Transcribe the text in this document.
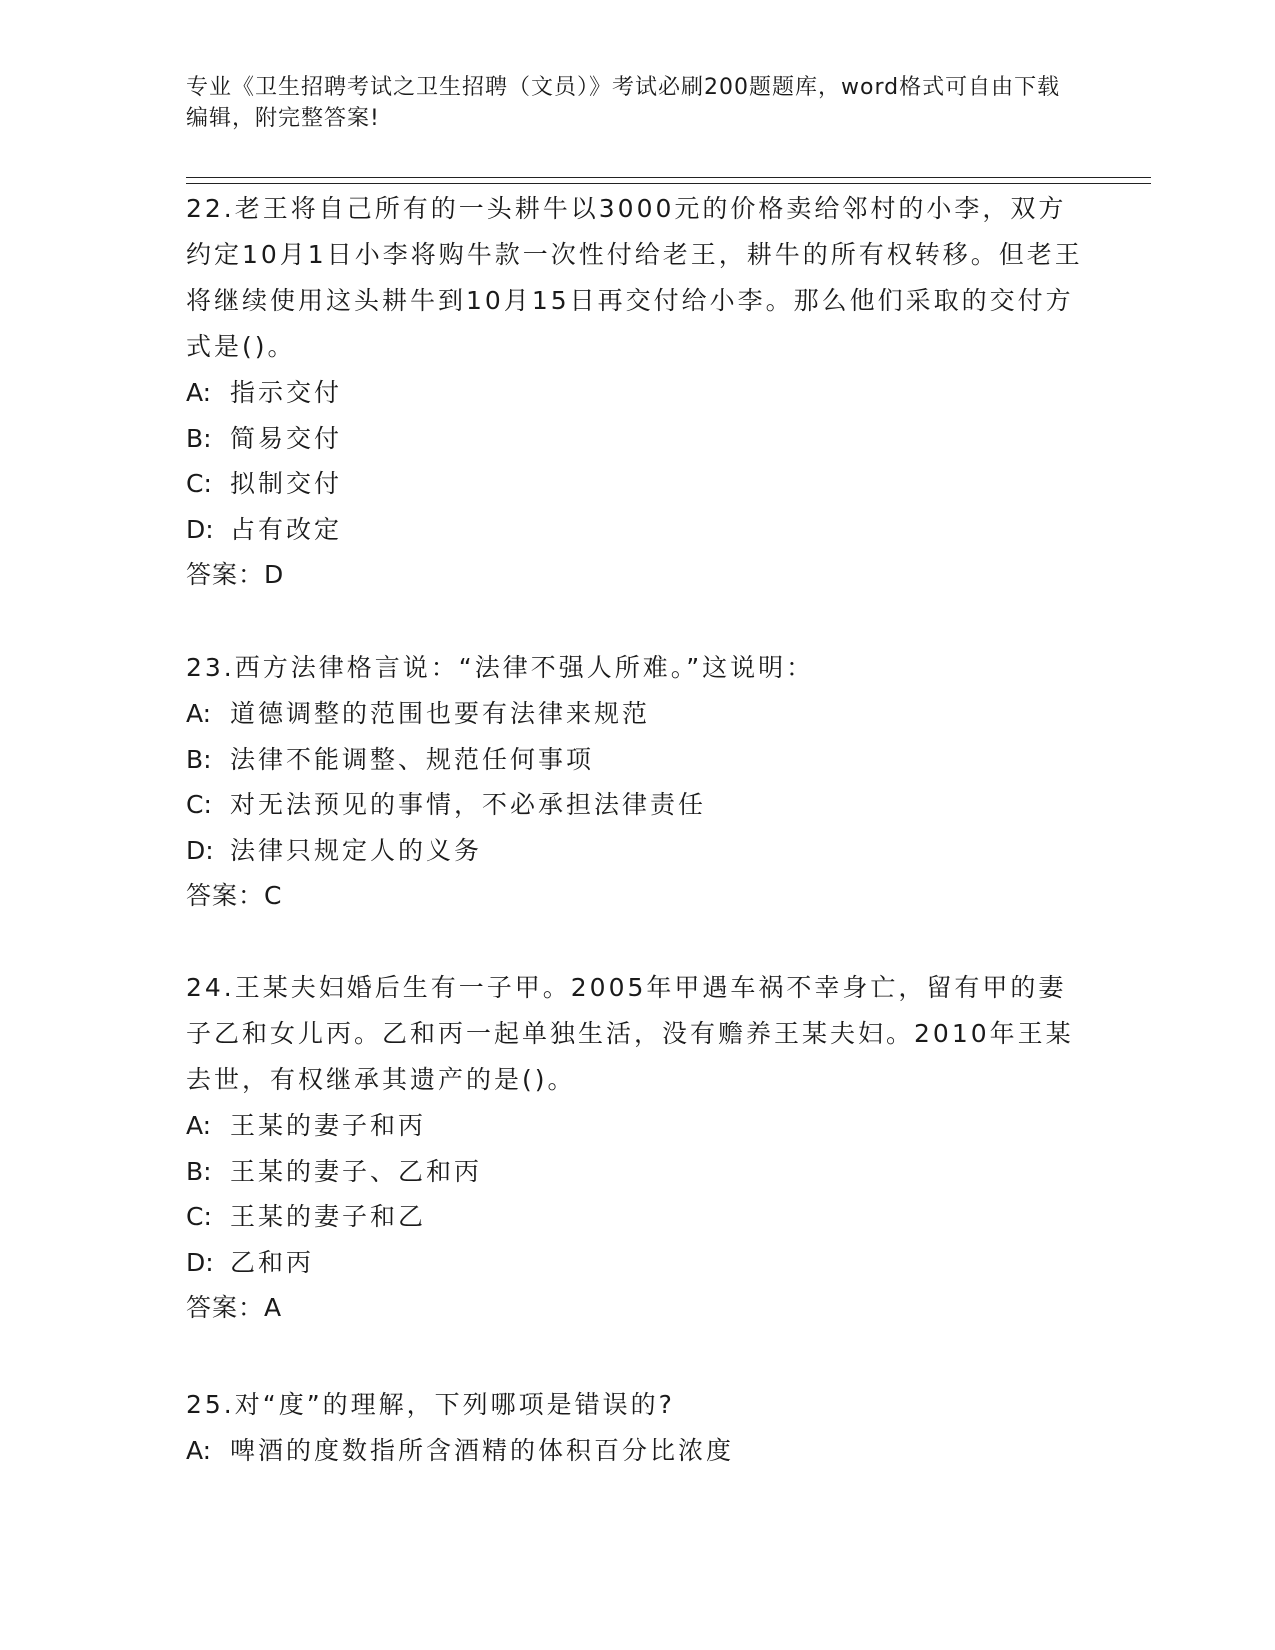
专业《卫生招聘考试之卫生招聘（文员）》考试必刷200题题库，word格式可自由下载编辑，附完整答案!

22.老王将自己所有的一头耕牛以3000元的价格卖给邻村的小李，双方约定10月1日小李将购牛款一次性付给老王，耕牛的所有权转移。但老王将继续使用这头耕牛到10月15日再交付给小李。那么他们采取的交付方式是()。

A: 指示交付

B: 简易交付

C: 拟制交付

D: 占有改定

答案：D

23.西方法律格言说：“法律不强人所难。”这说明：

A: 道德调整的范围也要有法律来规范

B: 法律不能调整、规范任何事项

C: 对无法预见的事情，不必承担法律责任

D: 法律只规定人的义务

答案：C

24.王某夫妇婚后生有一子甲。2005年甲遇车祸不幸身亡，留有甲的妻子乙和女儿丙。乙和丙一起单独生活，没有赡养王某夫妇。2010年王某去世，有权继承其遗产的是()。

A: 王某的妻子和丙

B: 王某的妻子、乙和丙

C: 王某的妻子和乙

D: 乙和丙

答案：A

25.对“度”的理解，下列哪项是错误的?

A: 啤酒的度数指所含酒精的体积百分比浓度
